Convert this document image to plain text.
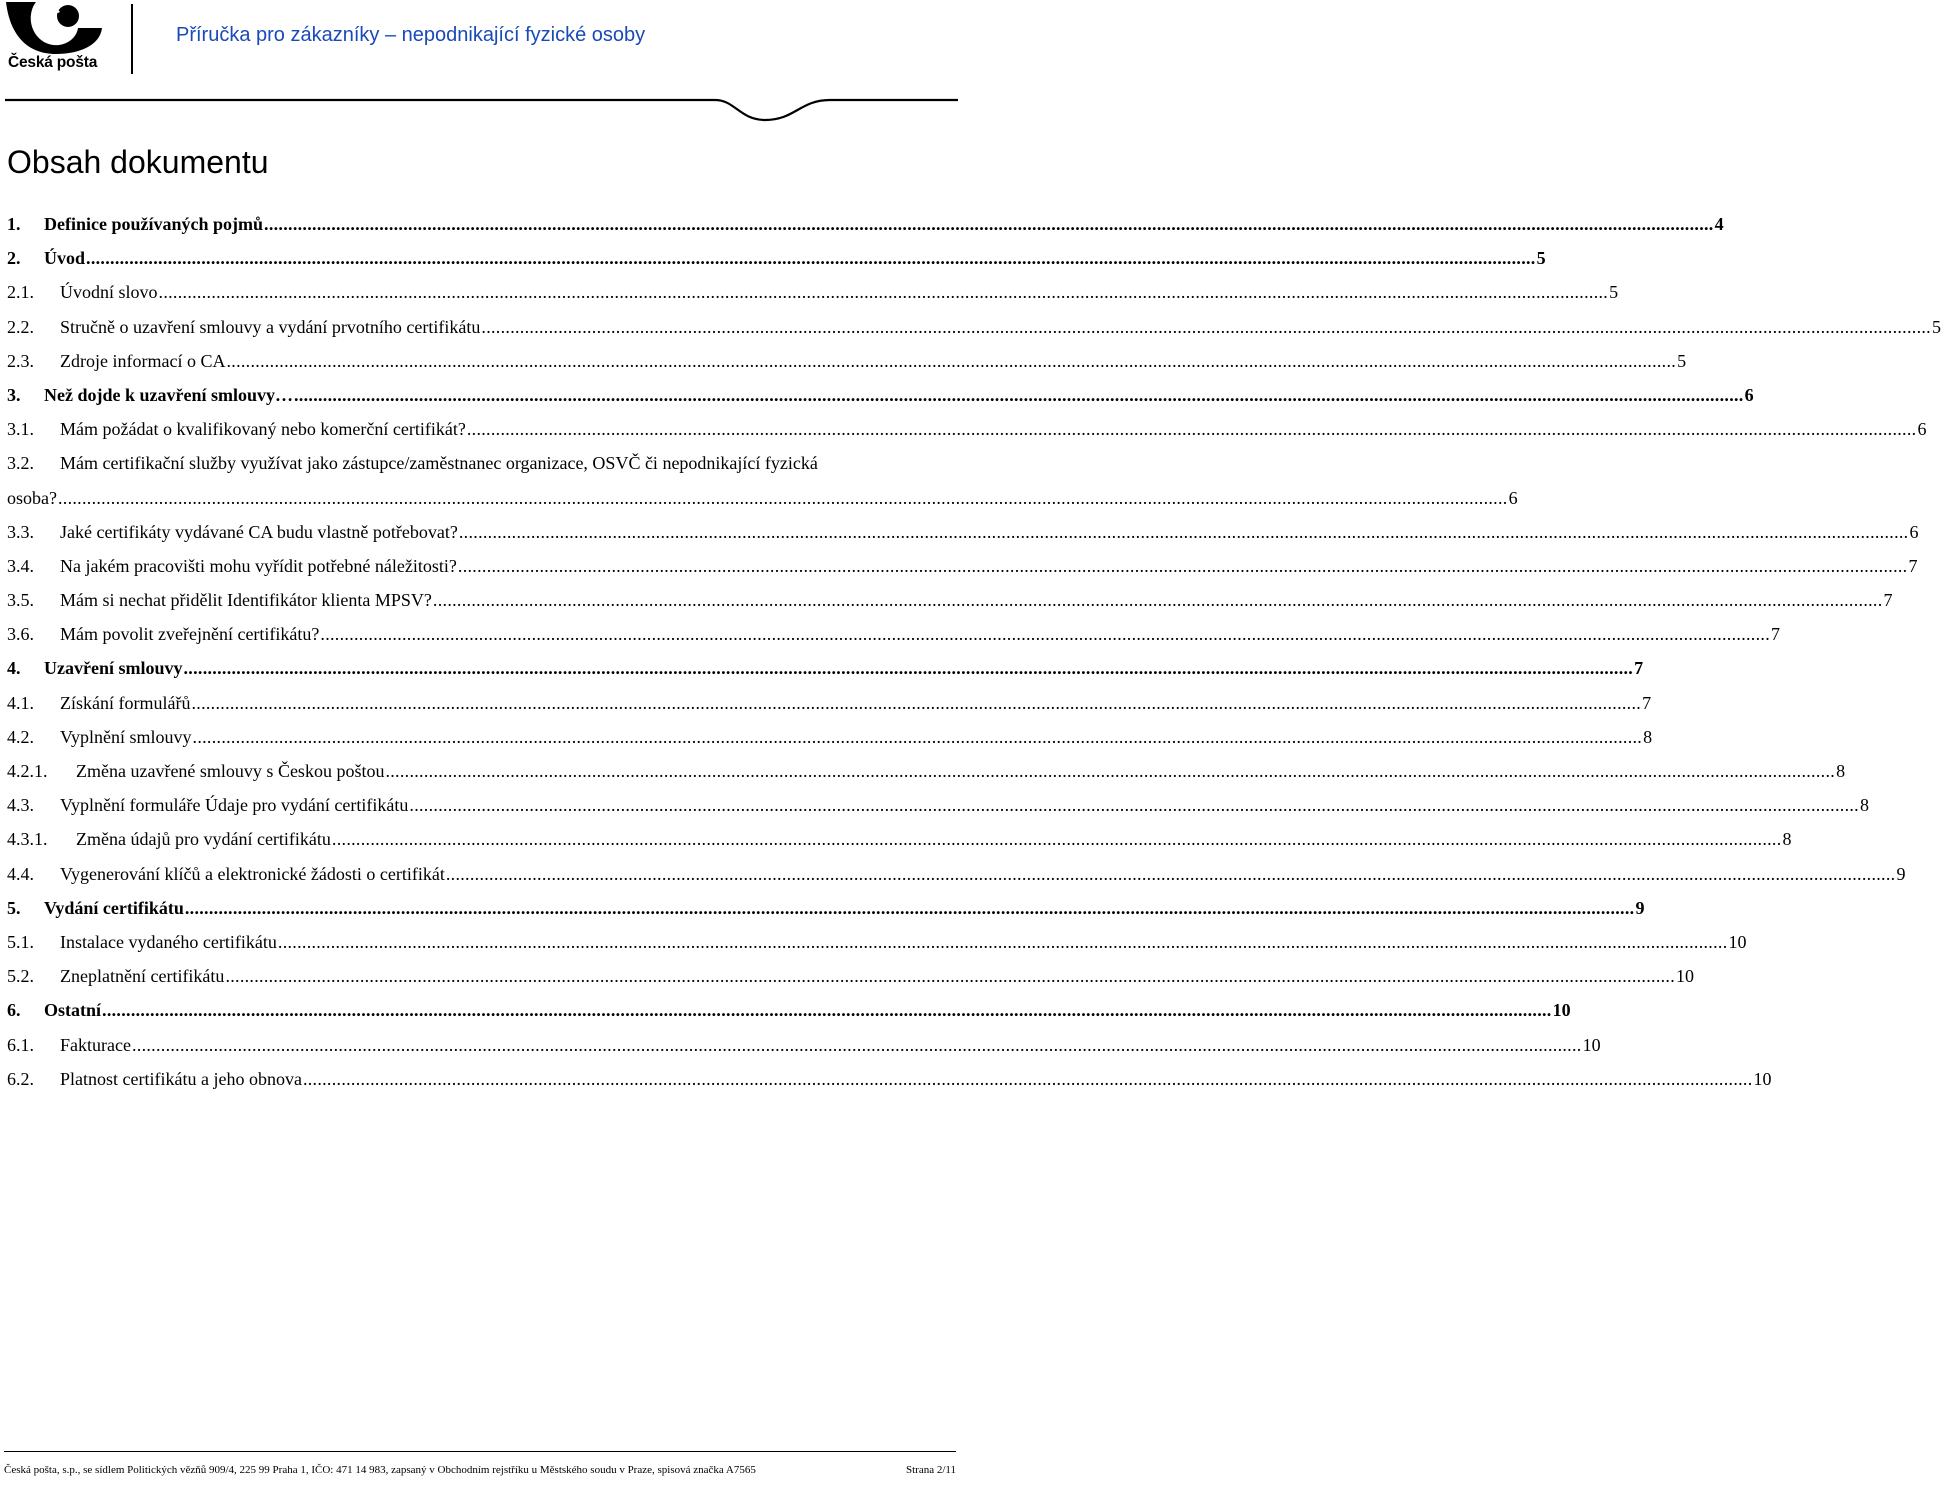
Česká pošta
Příručka pro zákazníky – nepodnikající fyzické osoby
Obsah dokumentu
1. Definice používaných pojmů .....	4
2. Úvod .....	5
2.1. Úvodní slovo .....	5
2.2. Stručně o uzavření smlouvy a vydání prvotního certifikátu .....	5
2.3. Zdroje informací o CA .....	5
3. Než dojde k uzavření smlouvy… .....	6
3.1. Mám požádat o kvalifikovaný nebo komerční certifikát? .....	6
3.2. Mám certifikační služby využívat jako zástupce/zaměstnanec organizace, OSVČ či nepodnikající fyzická
osoba? .....	6
3.3. Jaké certifikáty vydávané CA budu vlastně potřebovat? .....	6
3.4. Na jakém pracovišti mohu vyřídit potřebné náležitosti? .....	7
3.5. Mám si nechat přidělit Identifikátor klienta MPSV? .....	7
3.6. Mám povolit zveřejnění certifikátu? .....	7
4. Uzavření smlouvy .....	7
4.1. Získání formulářů .....	7
4.2. Vyplnění smlouvy .....	8
4.2.1. Změna uzavřené smlouvy s Českou poštou .....	8
4.3. Vyplnění formuláře Údaje pro vydání certifikátu .....	8
4.3.1. Změna údajů pro vydání certifikátu .....	8
4.4. Vygenerování klíčů a elektronické žádosti o certifikát .....	9
5. Vydání certifikátu .....	9
5.1. Instalace vydaného certifikátu .....	10
5.2. Zneplatnění certifikátu .....	10
6. Ostatní .....	10
6.1. Fakturace .....	10
6.2. Platnost certifikátu a jeho obnova .....	10
Česká pošta, s.p., se sídlem Politických vězňů 909/4, 225 99 Praha 1, IČO: 471 14 983, zapsaný v Obchodním rejstříku u Městského soudu v Praze, spisová značka A7565	Strana 2/11
